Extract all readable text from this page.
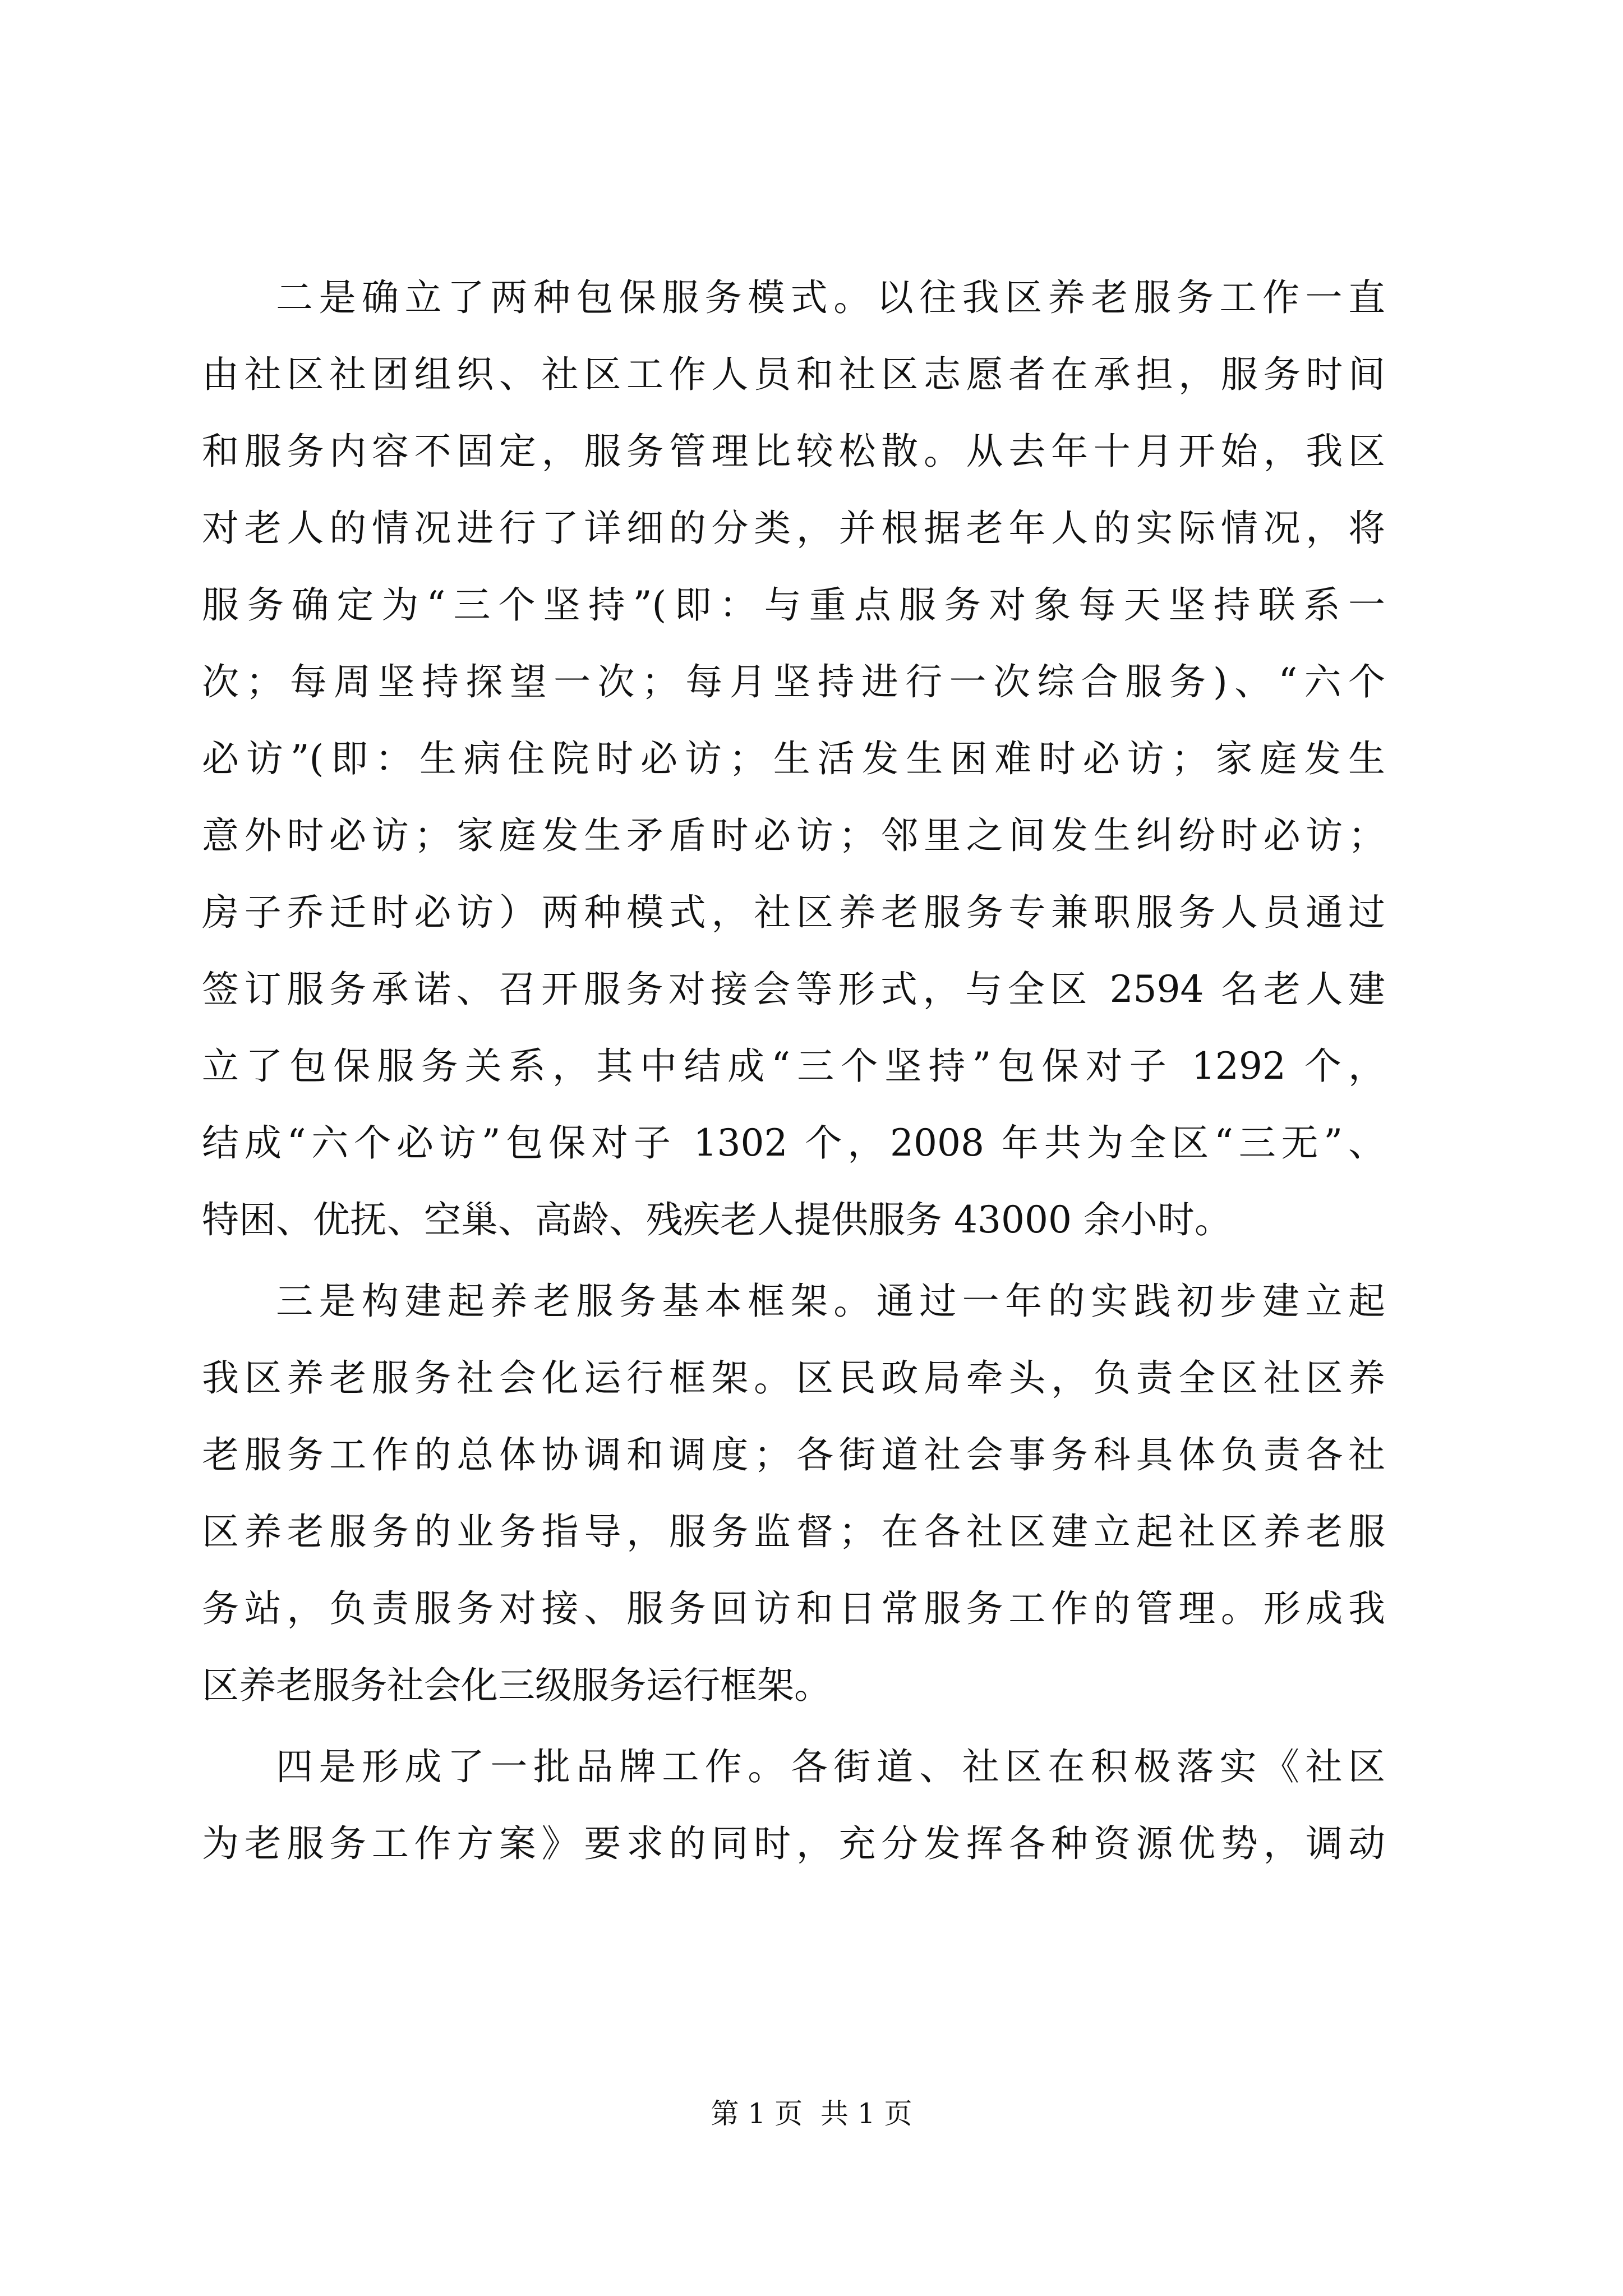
二是确立了两种包保服务模式。以往我区养老服务工作一直
由社区社团组织、社区工作人员和社区志愿者在承担，服务时间
和服务内容不固定，服务管理比较松散。从去年十月开始，我区
对老人的情况进行了详细的分类，并根据老年人的实际情况，将
服务确定为“三个坚持”(即：与重点服务对象每天坚持联系一
次；每周坚持探望一次；每月坚持进行一次综合服务)、“六个
必访”(即：生病住院时必访；生活发生困难时必访；家庭发生
意外时必访；家庭发生矛盾时必访；邻里之间发生纠纷时必访；
房子乔迁时必访）两种模式，社区养老服务专兼职服务人员通过
签订服务承诺、召开服务对接会等形式，与全区 2594 名老人建
立了包保服务关系，其中结成“三个坚持”包保对子 1292 个，
结成“六个必访”包保对子 1302 个，2008 年共为全区“三无”、
特困、优抚、空巢、高龄、残疾老人提供服务 43000 余小时。
三是构建起养老服务基本框架。通过一年的实践初步建立起
我区养老服务社会化运行框架。区民政局牵头，负责全区社区养
老服务工作的总体协调和调度；各街道社会事务科具体负责各社
区养老服务的业务指导，服务监督；在各社区建立起社区养老服
务站，负责服务对接、服务回访和日常服务工作的管理。形成我
区养老服务社会化三级服务运行框架。
四是形成了一批品牌工作。各街道、社区在积极落实《社区
为老服务工作方案》要求的同时，充分发挥各种资源优势，调动
第 1 页  共 1 页
